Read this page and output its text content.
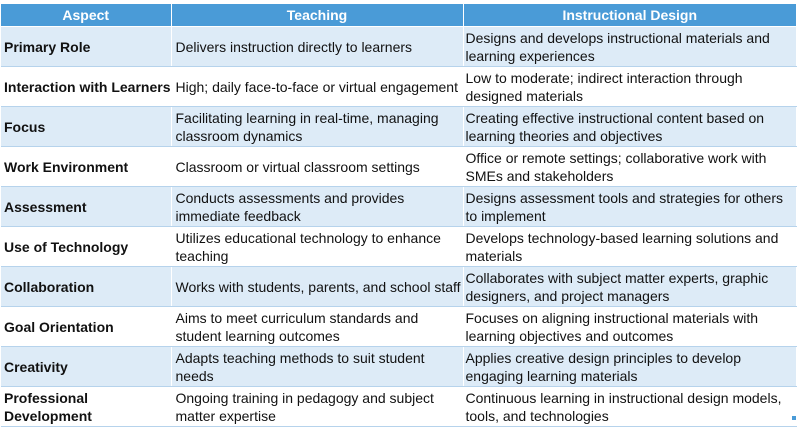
Aspect	Teaching	Instructional Design
Primary Role	Delivers instruction directly to learners	Designs and develops instructional materials and learning experiences
Interaction with Learners	High; daily face-to-face or virtual engagement	Low to moderate; indirect interaction through designed materials
Focus	Facilitating learning in real-time, managing classroom dynamics	Creating effective instructional content based on learning theories and objectives
Work Environment	Classroom or virtual classroom settings	Office or remote settings; collaborative work with SMEs and stakeholders
Assessment	Conducts assessments and provides immediate feedback	Designs assessment tools and strategies for others to implement
Use of Technology	Utilizes educational technology to enhance teaching	Develops technology-based learning solutions and materials
Collaboration	Works with students, parents, and school staff	Collaborates with subject matter experts, graphic designers, and project managers
Goal Orientation	Aims to meet curriculum standards and student learning outcomes	Focuses on aligning instructional materials with learning objectives and outcomes
Creativity	Adapts teaching methods to suit student needs	Applies creative design principles to develop engaging learning materials
Professional Development	Ongoing training in pedagogy and subject matter expertise	Continuous learning in instructional design models, tools, and technologies
